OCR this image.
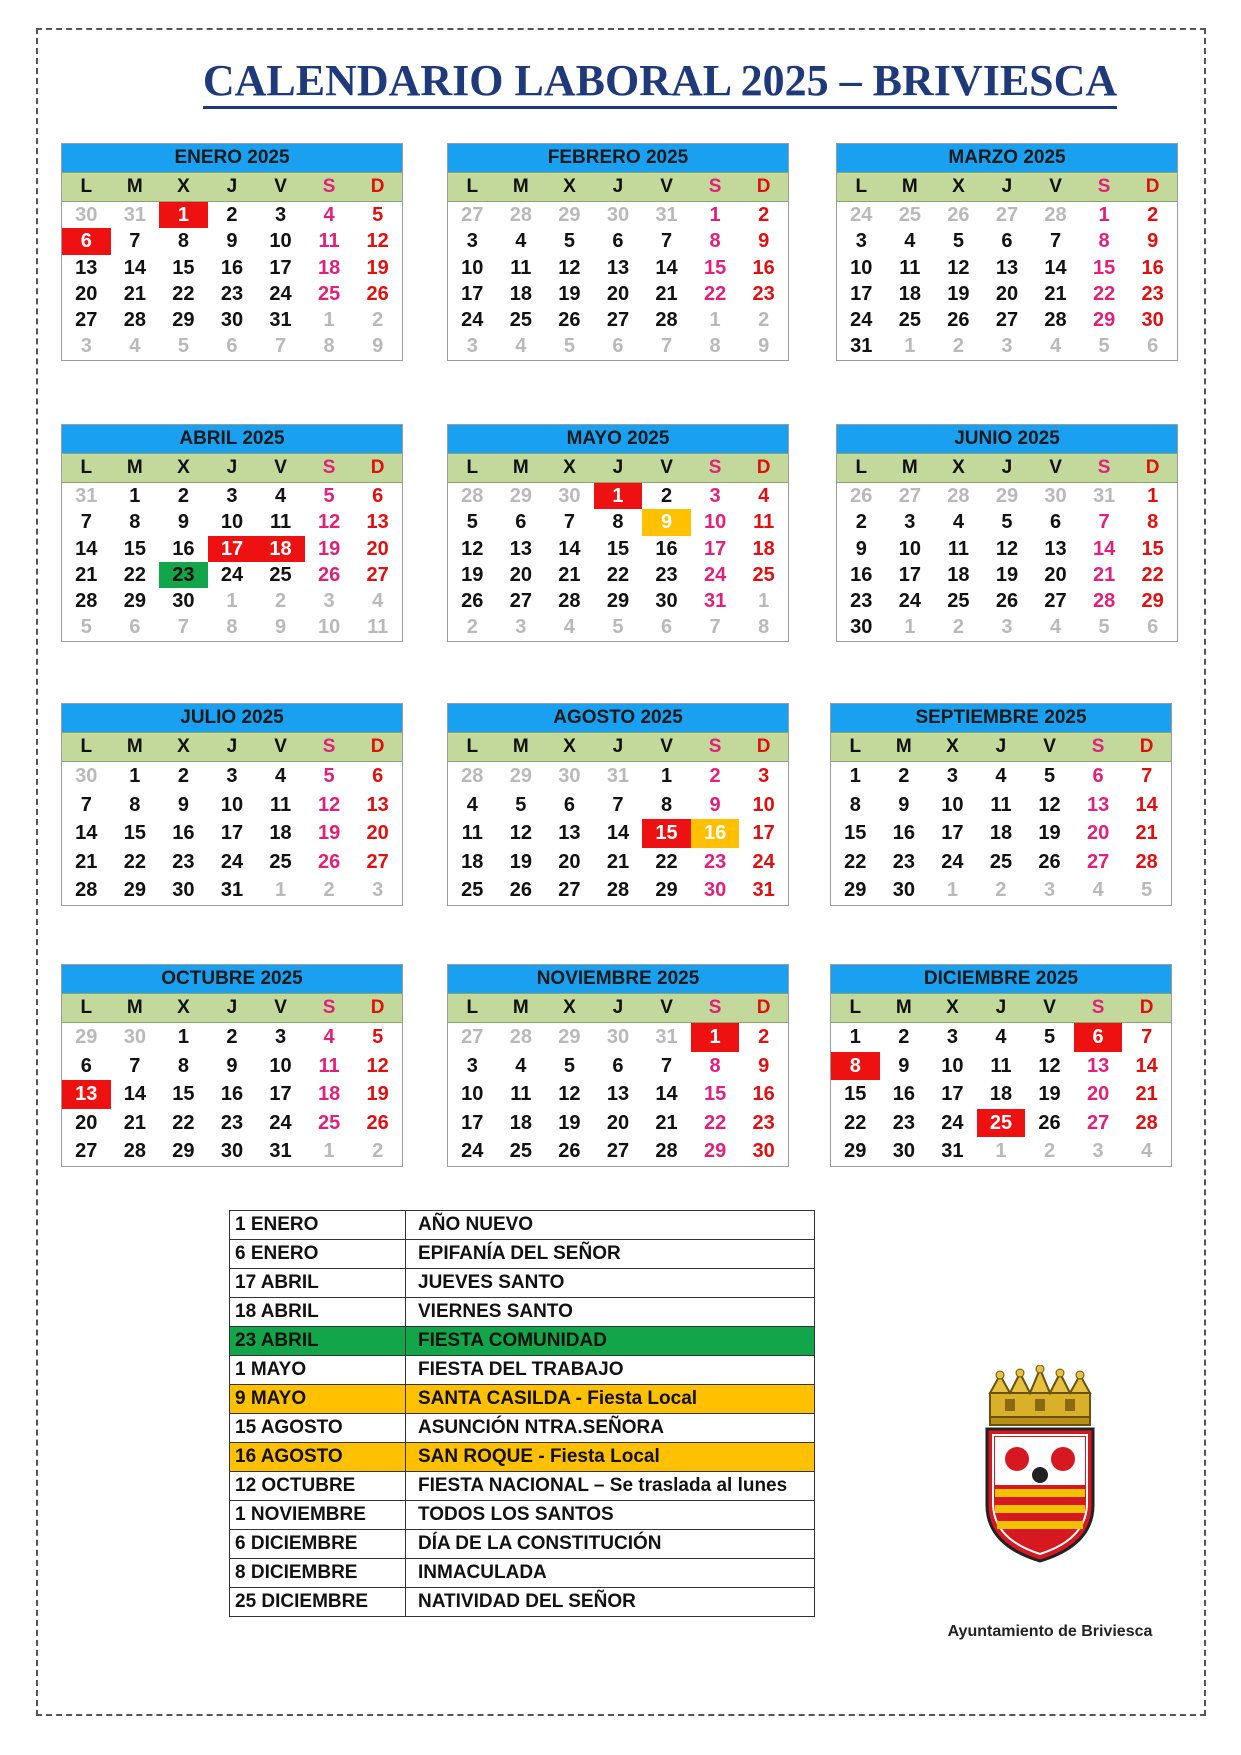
CALENDARIO LABORAL 2025 – BRIVIESCA
ENERO 2025
L	M	X	J	V	S	D
30	31	1	2	3	4	5
6	7	8	9	10	11	12
13	14	15	16	17	18	19
20	21	22	23	24	25	26
27	28	29	30	31	1	2
3	4	5	6	7	8	9
FEBRERO 2025
L	M	X	J	V	S	D
27	28	29	30	31	1	2
3	4	5	6	7	8	9
10	11	12	13	14	15	16
17	18	19	20	21	22	23
24	25	26	27	28	1	2
3	4	5	6	7	8	9
MARZO 2025
L	M	X	J	V	S	D
24	25	26	27	28	1	2
3	4	5	6	7	8	9
10	11	12	13	14	15	16
17	18	19	20	21	22	23
24	25	26	27	28	29	30
31	1	2	3	4	5	6
ABRIL 2025
L	M	X	J	V	S	D
31	1	2	3	4	5	6
7	8	9	10	11	12	13
14	15	16	17	18	19	20
21	22	23	24	25	26	27
28	29	30	1	2	3	4
5	6	7	8	9	10	11
MAYO 2025
L	M	X	J	V	S	D
28	29	30	1	2	3	4
5	6	7	8	9	10	11
12	13	14	15	16	17	18
19	20	21	22	23	24	25
26	27	28	29	30	31	1
2	3	4	5	6	7	8
JUNIO 2025
L	M	X	J	V	S	D
26	27	28	29	30	31	1
2	3	4	5	6	7	8
9	10	11	12	13	14	15
16	17	18	19	20	21	22
23	24	25	26	27	28	29
30	1	2	3	4	5	6
JULIO 2025
L	M	X	J	V	S	D
30	1	2	3	4	5	6
7	8	9	10	11	12	13
14	15	16	17	18	19	20
21	22	23	24	25	26	27
28	29	30	31	1	2	3
AGOSTO 2025
L	M	X	J	V	S	D
28	29	30	31	1	2	3
4	5	6	7	8	9	10
11	12	13	14	15	16	17
18	19	20	21	22	23	24
25	26	27	28	29	30	31
SEPTIEMBRE 2025
L	M	X	J	V	S	D
1	2	3	4	5	6	7
8	9	10	11	12	13	14
15	16	17	18	19	20	21
22	23	24	25	26	27	28
29	30	1	2	3	4	5
OCTUBRE 2025
L	M	X	J	V	S	D
29	30	1	2	3	4	5
6	7	8	9	10	11	12
13	14	15	16	17	18	19
20	21	22	23	24	25	26
27	28	29	30	31	1	2
NOVIEMBRE 2025
L	M	X	J	V	S	D
27	28	29	30	31	1	2
3	4	5	6	7	8	9
10	11	12	13	14	15	16
17	18	19	20	21	22	23
24	25	26	27	28	29	30
DICIEMBRE 2025
L	M	X	J	V	S	D
1	2	3	4	5	6	7
8	9	10	11	12	13	14
15	16	17	18	19	20	21
22	23	24	25	26	27	28
29	30	31	1	2	3	4
1 ENERO	AÑO NUEVO
6 ENERO	EPIFANÍA DEL SEÑOR
17 ABRIL	JUEVES SANTO
18 ABRIL	VIERNES SANTO
23 ABRIL	FIESTA COMUNIDAD
1 MAYO	FIESTA DEL TRABAJO
9 MAYO	SANTA CASILDA - Fiesta Local
15 AGOSTO	ASUNCIÓN NTRA.SEÑORA
16 AGOSTO	SAN ROQUE - Fiesta Local
12 OCTUBRE	FIESTA NACIONAL – Se traslada al lunes
1 NOVIEMBRE	TODOS LOS SANTOS
6 DICIEMBRE	DÍA DE LA CONSTITUCIÓN
8 DICIEMBRE	INMACULADA
25 DICIEMBRE	NATIVIDAD DEL SEÑOR
Ayuntamiento de Briviesca
